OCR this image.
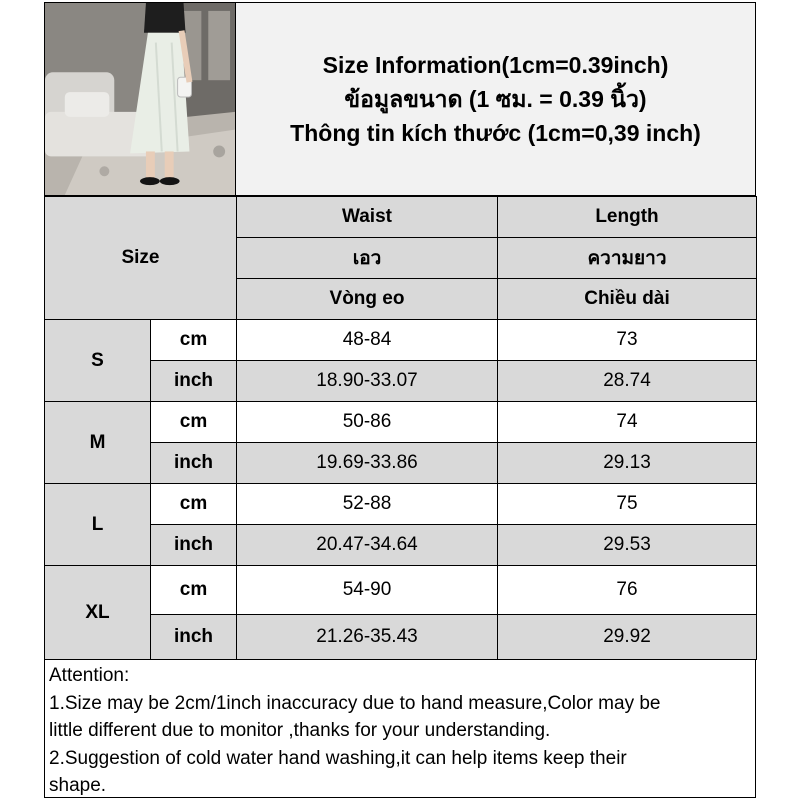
Size Information(1cm=0.39inch)
ข้อมูลขนาด (1 ซม. = 0.39 นิ้ว)
Thông tin kích thước (1cm=0,39 inch)
Size		Waist	Length
		เอว	ความยาว
		Vòng eo	Chiều dài
S	cm	48-84	73
	inch	18.90-33.07	28.74
M	cm	50-86	74
	inch	19.69-33.86	29.13
L	cm	52-88	75
	inch	20.47-34.64	29.53
XL	cm	54-90	76
	inch	21.26-35.43	29.92
Attention:
1.Size may be 2cm/1inch inaccuracy due to hand measure,Color may be
little different due to monitor ,thanks for your understanding.
2.Suggestion of cold water hand washing,it can help items keep their
shape.
